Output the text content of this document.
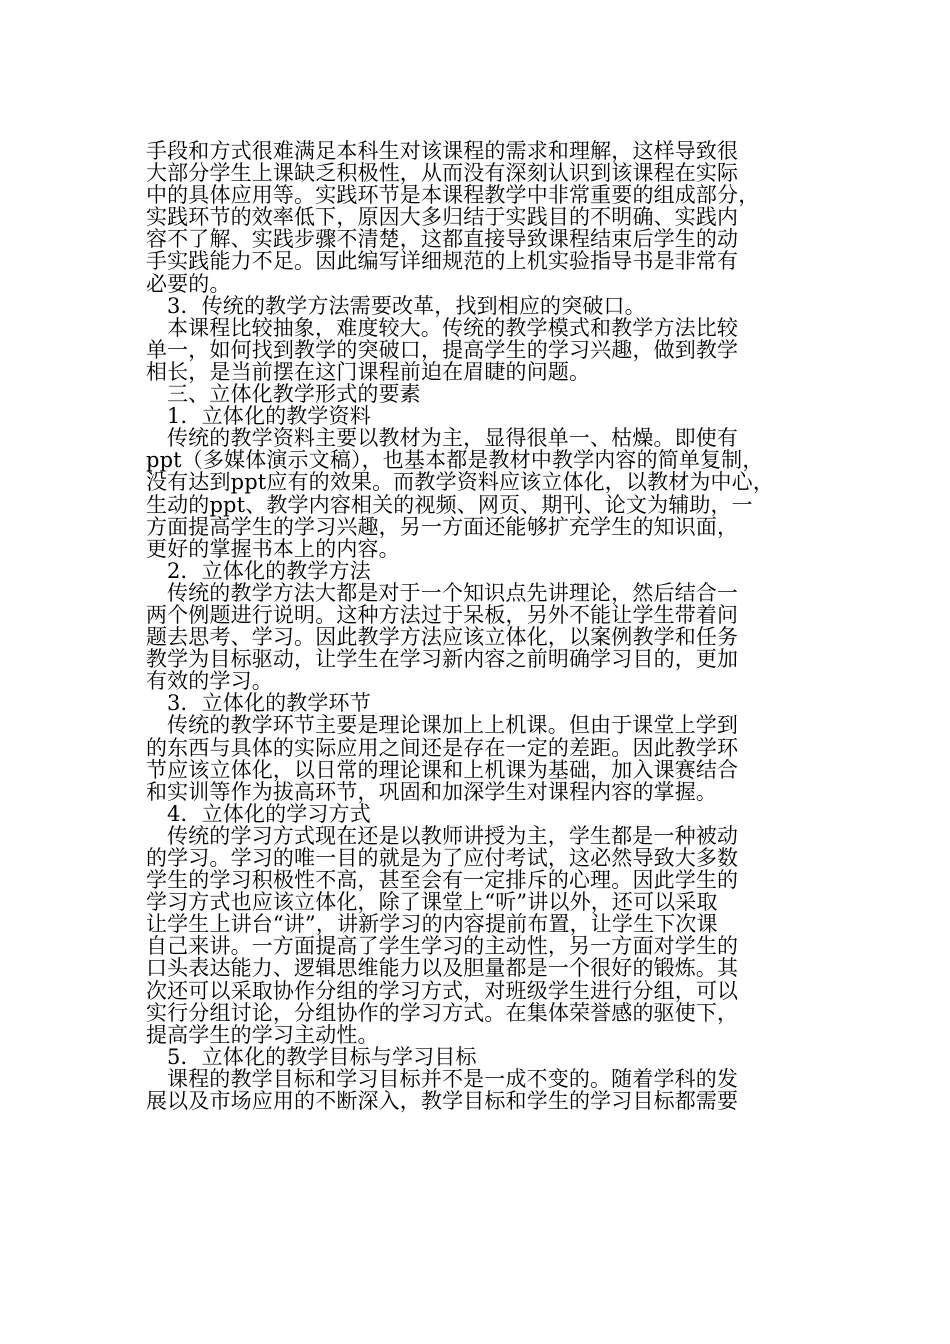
手段和方式很难满足本科生对该课程的需求和理解，这样导致很
大部分学生上课缺乏积极性，从而没有深刻认识到该课程在实际
中的具体应用等。实践环节是本课程教学中非常重要的组成部分，
实践环节的效率低下，原因大多归结于实践目的不明确、实践内
容不了解、实践步骤不清楚，这都直接导致课程结束后学生的动
手实践能力不足。因此编写详细规范的上机实验指导书是非常有
必要的。
3．传统的教学方法需要改革，找到相应的突破口。
本课程比较抽象，难度较大。传统的教学模式和教学方法比较
单一，如何找到教学的突破口，提高学生的学习兴趣，做到教学
相长，是当前摆在这门课程前迫在眉睫的问题。
三、立体化教学形式的要素
1．立体化的教学资料
传统的教学资料主要以教材为主，显得很单一、枯燥。即使有
ppt（多媒体演示文稿），也基本都是教材中教学内容的简单复制，
没有达到ppt应有的效果。而教学资料应该立体化，以教材为中心，
生动的ppt、教学内容相关的视频、网页、期刊、论文为辅助，一
方面提高学生的学习兴趣，另一方面还能够扩充学生的知识面，
更好的掌握书本上的内容。
2．立体化的教学方法
传统的教学方法大都是对于一个知识点先讲理论，然后结合一
两个例题进行说明。这种方法过于呆板，另外不能让学生带着问
题去思考、学习。因此教学方法应该立体化，以案例教学和任务
教学为目标驱动，让学生在学习新内容之前明确学习目的，更加
有效的学习。
3．立体化的教学环节
传统的教学环节主要是理论课加上上机课。但由于课堂上学到
的东西与具体的实际应用之间还是存在一定的差距。因此教学环
节应该立体化，以日常的理论课和上机课为基础，加入课赛结合
和实训等作为拔高环节，巩固和加深学生对课程内容的掌握。
4．立体化的学习方式
传统的学习方式现在还是以教师讲授为主，学生都是一种被动
的学习。学习的唯一目的就是为了应付考试，这必然导致大多数
学生的学习积极性不高，甚至会有一定排斥的心理。因此学生的
学习方式也应该立体化，除了课堂上“听”讲以外，还可以采取
让学生上讲台“讲”，讲新学习的内容提前布置，让学生下次课
自己来讲。一方面提高了学生学习的主动性，另一方面对学生的
口头表达能力、逻辑思维能力以及胆量都是一个很好的锻炼。其
次还可以采取协作分组的学习方式，对班级学生进行分组，可以
实行分组讨论，分组协作的学习方式。在集体荣誉感的驱使下，
提高学生的学习主动性。
5．立体化的教学目标与学习目标
课程的教学目标和学习目标并不是一成不变的。随着学科的发
展以及市场应用的不断深入，教学目标和学生的学习目标都需要
